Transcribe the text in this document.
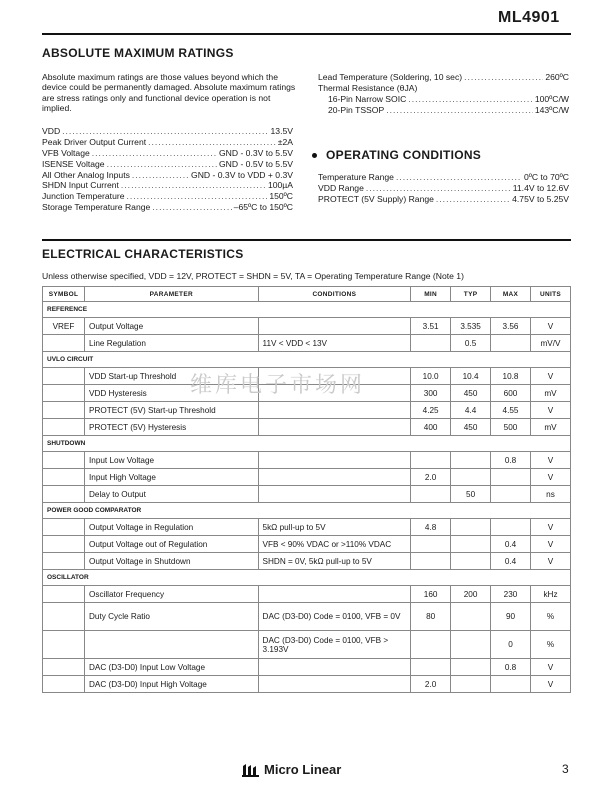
ML4901
ABSOLUTE MAXIMUM RATINGS
Absolute maximum ratings are those values beyond which the device could be permanently damaged. Absolute maximum ratings are stress ratings only and functional device operation is not implied.
VDD .....	13.5V
Peak Driver Output Current .....	±2A
VFB Voltage .....	GND - 0.3V to 5.5V
ISENSE Voltage .....	GND - 0.5V to 5.5V
All Other Analog Inputs .....	GND - 0.3V to VDD + 0.3V
SHDN Input Current .....	100µA
Junction Temperature .....	150ºC
Storage Temperature Range .....	–65ºC to 150ºC
Lead Temperature (Soldering, 10 sec) .....	260ºC
Thermal Resistance (θJA)
16-Pin Narrow SOIC .....	100ºC/W
20-Pin TSSOP .....	143ºC/W
OPERATING CONDITIONS
Temperature Range .....	0ºC to 70ºC
VDD Range .....	11.4V to 12.6V
PROTECT (5V Supply) Range .....	4.75V to 5.25V
ELECTRICAL CHARACTERISTICS
Unless otherwise specified, VDD = 12V, PROTECT = SHDN = 5V, TA = Operating Temperature Range (Note 1)
SYMBOL	PARAMETER	CONDITIONS	MIN	TYP	MAX	UNITS
REFERENCE						
VREF	Output Voltage		3.51	3.535	3.56	V
	Line Regulation	11V < VDD < 13V		0.5		mV/V
UVLO CIRCUIT						
	VDD Start-up Threshold		10.0	10.4	10.8	V
	VDD Hysteresis		300	450	600	mV
	PROTECT (5V) Start-up Threshold		4.25	4.4	4.55	V
	PROTECT (5V) Hysteresis		400	450	500	mV
SHUTDOWN						
	Input Low Voltage				0.8	V
	Input High Voltage		2.0			V
	Delay to Output			50		ns
POWER GOOD COMPARATOR						
	Output Voltage in Regulation	5kΩ pull-up to 5V	4.8			V
	Output Voltage out of Regulation	VFB < 90% VDAC or >110% VDAC			0.4	V
	Output Voltage in Shutdown	SHDN = 0V, 5kΩ pull-up to 5V			0.4	V
OSCILLATOR						
	Oscillator Frequency		160	200	230	kHz
	Duty Cycle Ratio	DAC (D3-D0) Code = 0100, VFB = 0V	80		90	%
		DAC (D3-D0) Code = 0100, VFB > 3.193V			0	%
	DAC (D3-D0) Input Low Voltage				0.8	V
	DAC (D3-D0) Input High Voltage		2.0			V
维库电子市场网
Micro Linear	3
